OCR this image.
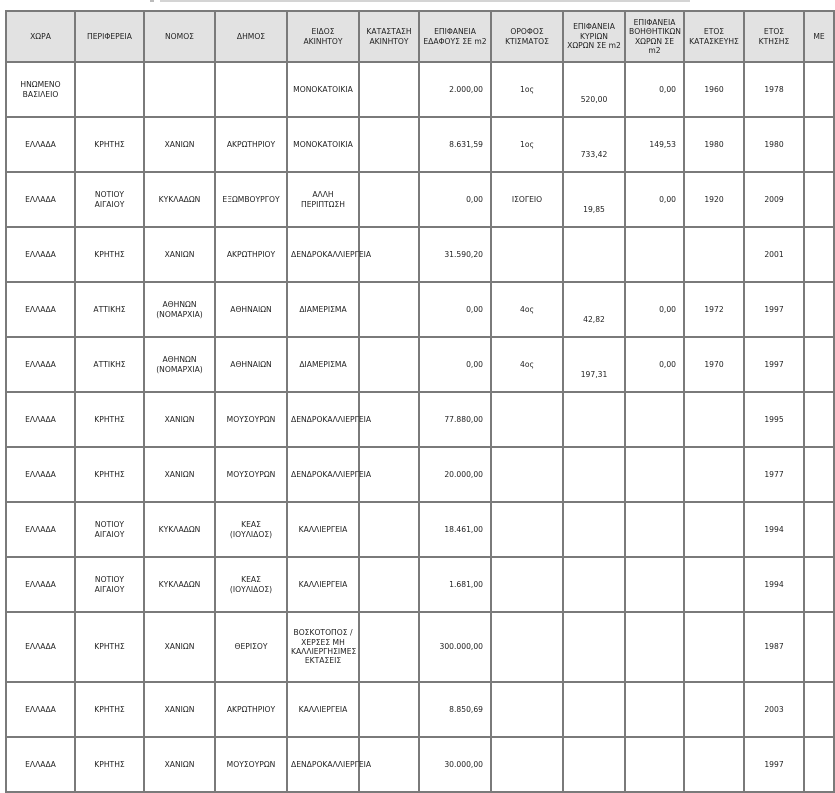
ΧΩΡΑ	ΠΕΡΙΦΕΡΕΙΑ	ΝΟΜΟΣ	ΔΗΜΟΣ	ΕΙΔΟΣ ΑΚΙΝΗΤΟΥ	ΚΑΤΑΣΤΑΣΗ ΑΚΙΝΗΤΟΥ	ΕΠΙΦΑΝΕΙΑ ΕΔΑΦΟΥΣ ΣΕ m2	ΟΡΟΦΟΣ ΚΤΙΣΜΑΤΟΣ	ΕΠΙΦΑΝΕΙΑ ΚΥΡΙΩΝ ΧΩΡΩΝ ΣΕ m2	ΕΠΙΦΑΝΕΙΑ ΒΟΗΘΗΤΙΚΩΝ ΧΩΡΩΝ ΣΕ m2	ΕΤΟΣ ΚΑΤΑΣΚΕΥΗΣ	ΕΤΟΣ ΚΤΗΣΗΣ	ΜΕ
ΗΝΩΜΕΝΟ ΒΑΣΙΛΕΙΟ				ΜΟΝΟΚΑΤΟΙΚΙΑ		2.000,00	1ος	520,00	0,00	1960	1978	
ΕΛΛΑΔΑ	ΚΡΗΤΗΣ	ΧΑΝΙΩΝ	ΑΚΡΩΤΗΡΙΟΥ	ΜΟΝΟΚΑΤΟΙΚΙΑ		8.631,59	1ος	733,42	149,53	1980	1980	
ΕΛΛΑΔΑ	ΝΟΤΙΟΥ ΑΙΓΑΙΟΥ	ΚΥΚΛΑΔΩΝ	ΕΞΩΜΒΟΥΡΓΟΥ	ΑΛΛΗ ΠΕΡΙΠΤΩΣΗ		0,00	ΙΣΟΓΕΙΟ	19,85	0,00	1920	2009	
ΕΛΛΑΔΑ	ΚΡΗΤΗΣ	ΧΑΝΙΩΝ	ΑΚΡΩΤΗΡΙΟΥ	ΔΕΝΔΡΟΚΑΛΛΙΕΡΓΕΙΑ		31.590,20					2001	
ΕΛΛΑΔΑ	ΑΤΤΙΚΗΣ	ΑΘΗΝΩΝ (ΝΟΜΑΡΧΙΑ)	ΑΘΗΝΑΙΩΝ	ΔΙΑΜΕΡΙΣΜΑ		0,00	4ος	42,82	0,00	1972	1997	
ΕΛΛΑΔΑ	ΑΤΤΙΚΗΣ	ΑΘΗΝΩΝ (ΝΟΜΑΡΧΙΑ)	ΑΘΗΝΑΙΩΝ	ΔΙΑΜΕΡΙΣΜΑ		0,00	4ος	197,31	0,00	1970	1997	
ΕΛΛΑΔΑ	ΚΡΗΤΗΣ	ΧΑΝΙΩΝ	ΜΟΥΣΟΥΡΩΝ	ΔΕΝΔΡΟΚΑΛΛΙΕΡΓΕΙΑ		77.880,00					1995	
ΕΛΛΑΔΑ	ΚΡΗΤΗΣ	ΧΑΝΙΩΝ	ΜΟΥΣΟΥΡΩΝ	ΔΕΝΔΡΟΚΑΛΛΙΕΡΓΕΙΑ		20.000,00					1977	
ΕΛΛΑΔΑ	ΝΟΤΙΟΥ ΑΙΓΑΙΟΥ	ΚΥΚΛΑΔΩΝ	ΚΕΑΣ (ΙΟΥΛΙΔΟΣ)	ΚΑΛΛΙΕΡΓΕΙΑ		18.461,00					1994	
ΕΛΛΑΔΑ	ΝΟΤΙΟΥ ΑΙΓΑΙΟΥ	ΚΥΚΛΑΔΩΝ	ΚΕΑΣ (ΙΟΥΛΙΔΟΣ)	ΚΑΛΛΙΕΡΓΕΙΑ		1.681,00					1994	
ΕΛΛΑΔΑ	ΚΡΗΤΗΣ	ΧΑΝΙΩΝ	ΘΕΡΙΣΟΥ	ΒΟΣΚΟΤΟΠΟΣ / ΧΕΡΣΕΣ ΜΗ ΚΑΛΛΙΕΡΓΗΣΙΜΕΣ ΕΚΤΑΣΕΙΣ		300.000,00					1987	
ΕΛΛΑΔΑ	ΚΡΗΤΗΣ	ΧΑΝΙΩΝ	ΑΚΡΩΤΗΡΙΟΥ	ΚΑΛΛΙΕΡΓΕΙΑ		8.850,69					2003	
ΕΛΛΑΔΑ	ΚΡΗΤΗΣ	ΧΑΝΙΩΝ	ΜΟΥΣΟΥΡΩΝ	ΔΕΝΔΡΟΚΑΛΛΙΕΡΓΕΙΑ		30.000,00					1997	
